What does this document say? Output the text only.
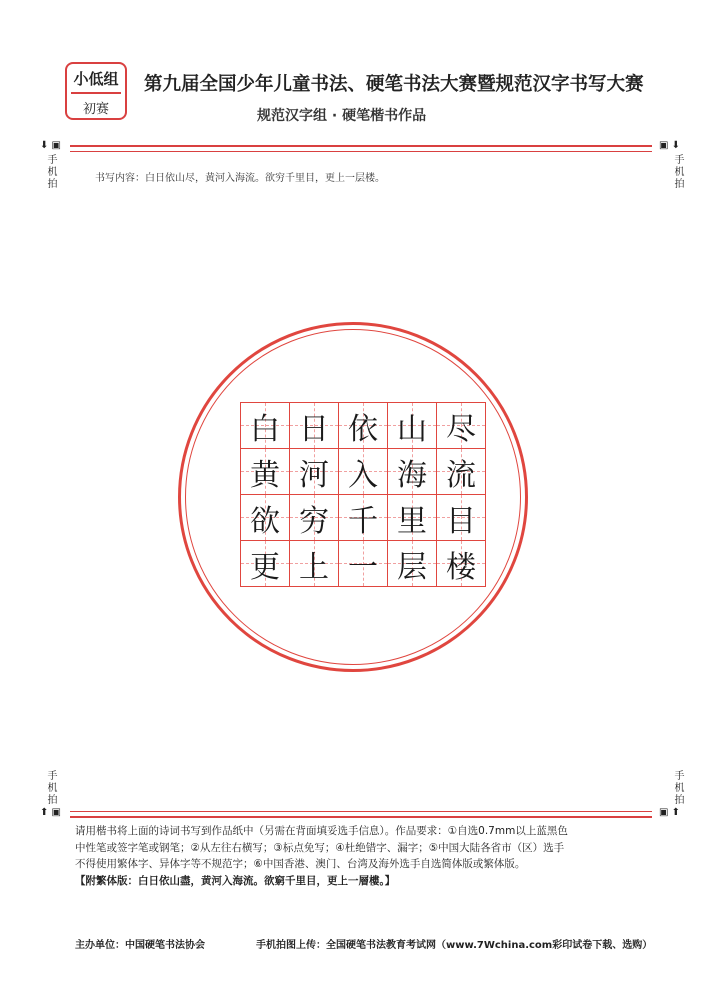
小低组
初赛
第九届全国少年儿童书法、硬笔书法大赛暨规范汉字书写大赛
规范汉字组 · 硬笔楷书作品
⬇ ▣
手机拍
▣ ⬇
手机拍
书写内容：白日依山尽，黄河入海流。欲穷千里目，更上一层楼。
白 日 依 山 尽
黄 河 入 海 流
欲 穷 千 里 目
更 上 一 层 楼
手机拍
⬆ ▣
手机拍
▣ ⬆
请用楷书将上面的诗词书写到作品纸中（另需在背面填妥选手信息）。作品要求：①自选0.7mm以上蓝黑色
中性笔或签字笔或钢笔；②从左往右横写；③标点免写；④杜绝错字、漏字；⑤中国大陆各省市（区）选手
不得使用繁体字、异体字等不规范字；⑥中国香港、澳门、台湾及海外选手自选简体版或繁体版。
【附繁体版：白日依山盡，黄河入海流。欲窮千里目，更上一層樓。】
主办单位：中国硬笔书法协会	手机拍图上传：全国硬笔书法教育考试网（www.7Wchina.com彩印试卷下载、选购）
